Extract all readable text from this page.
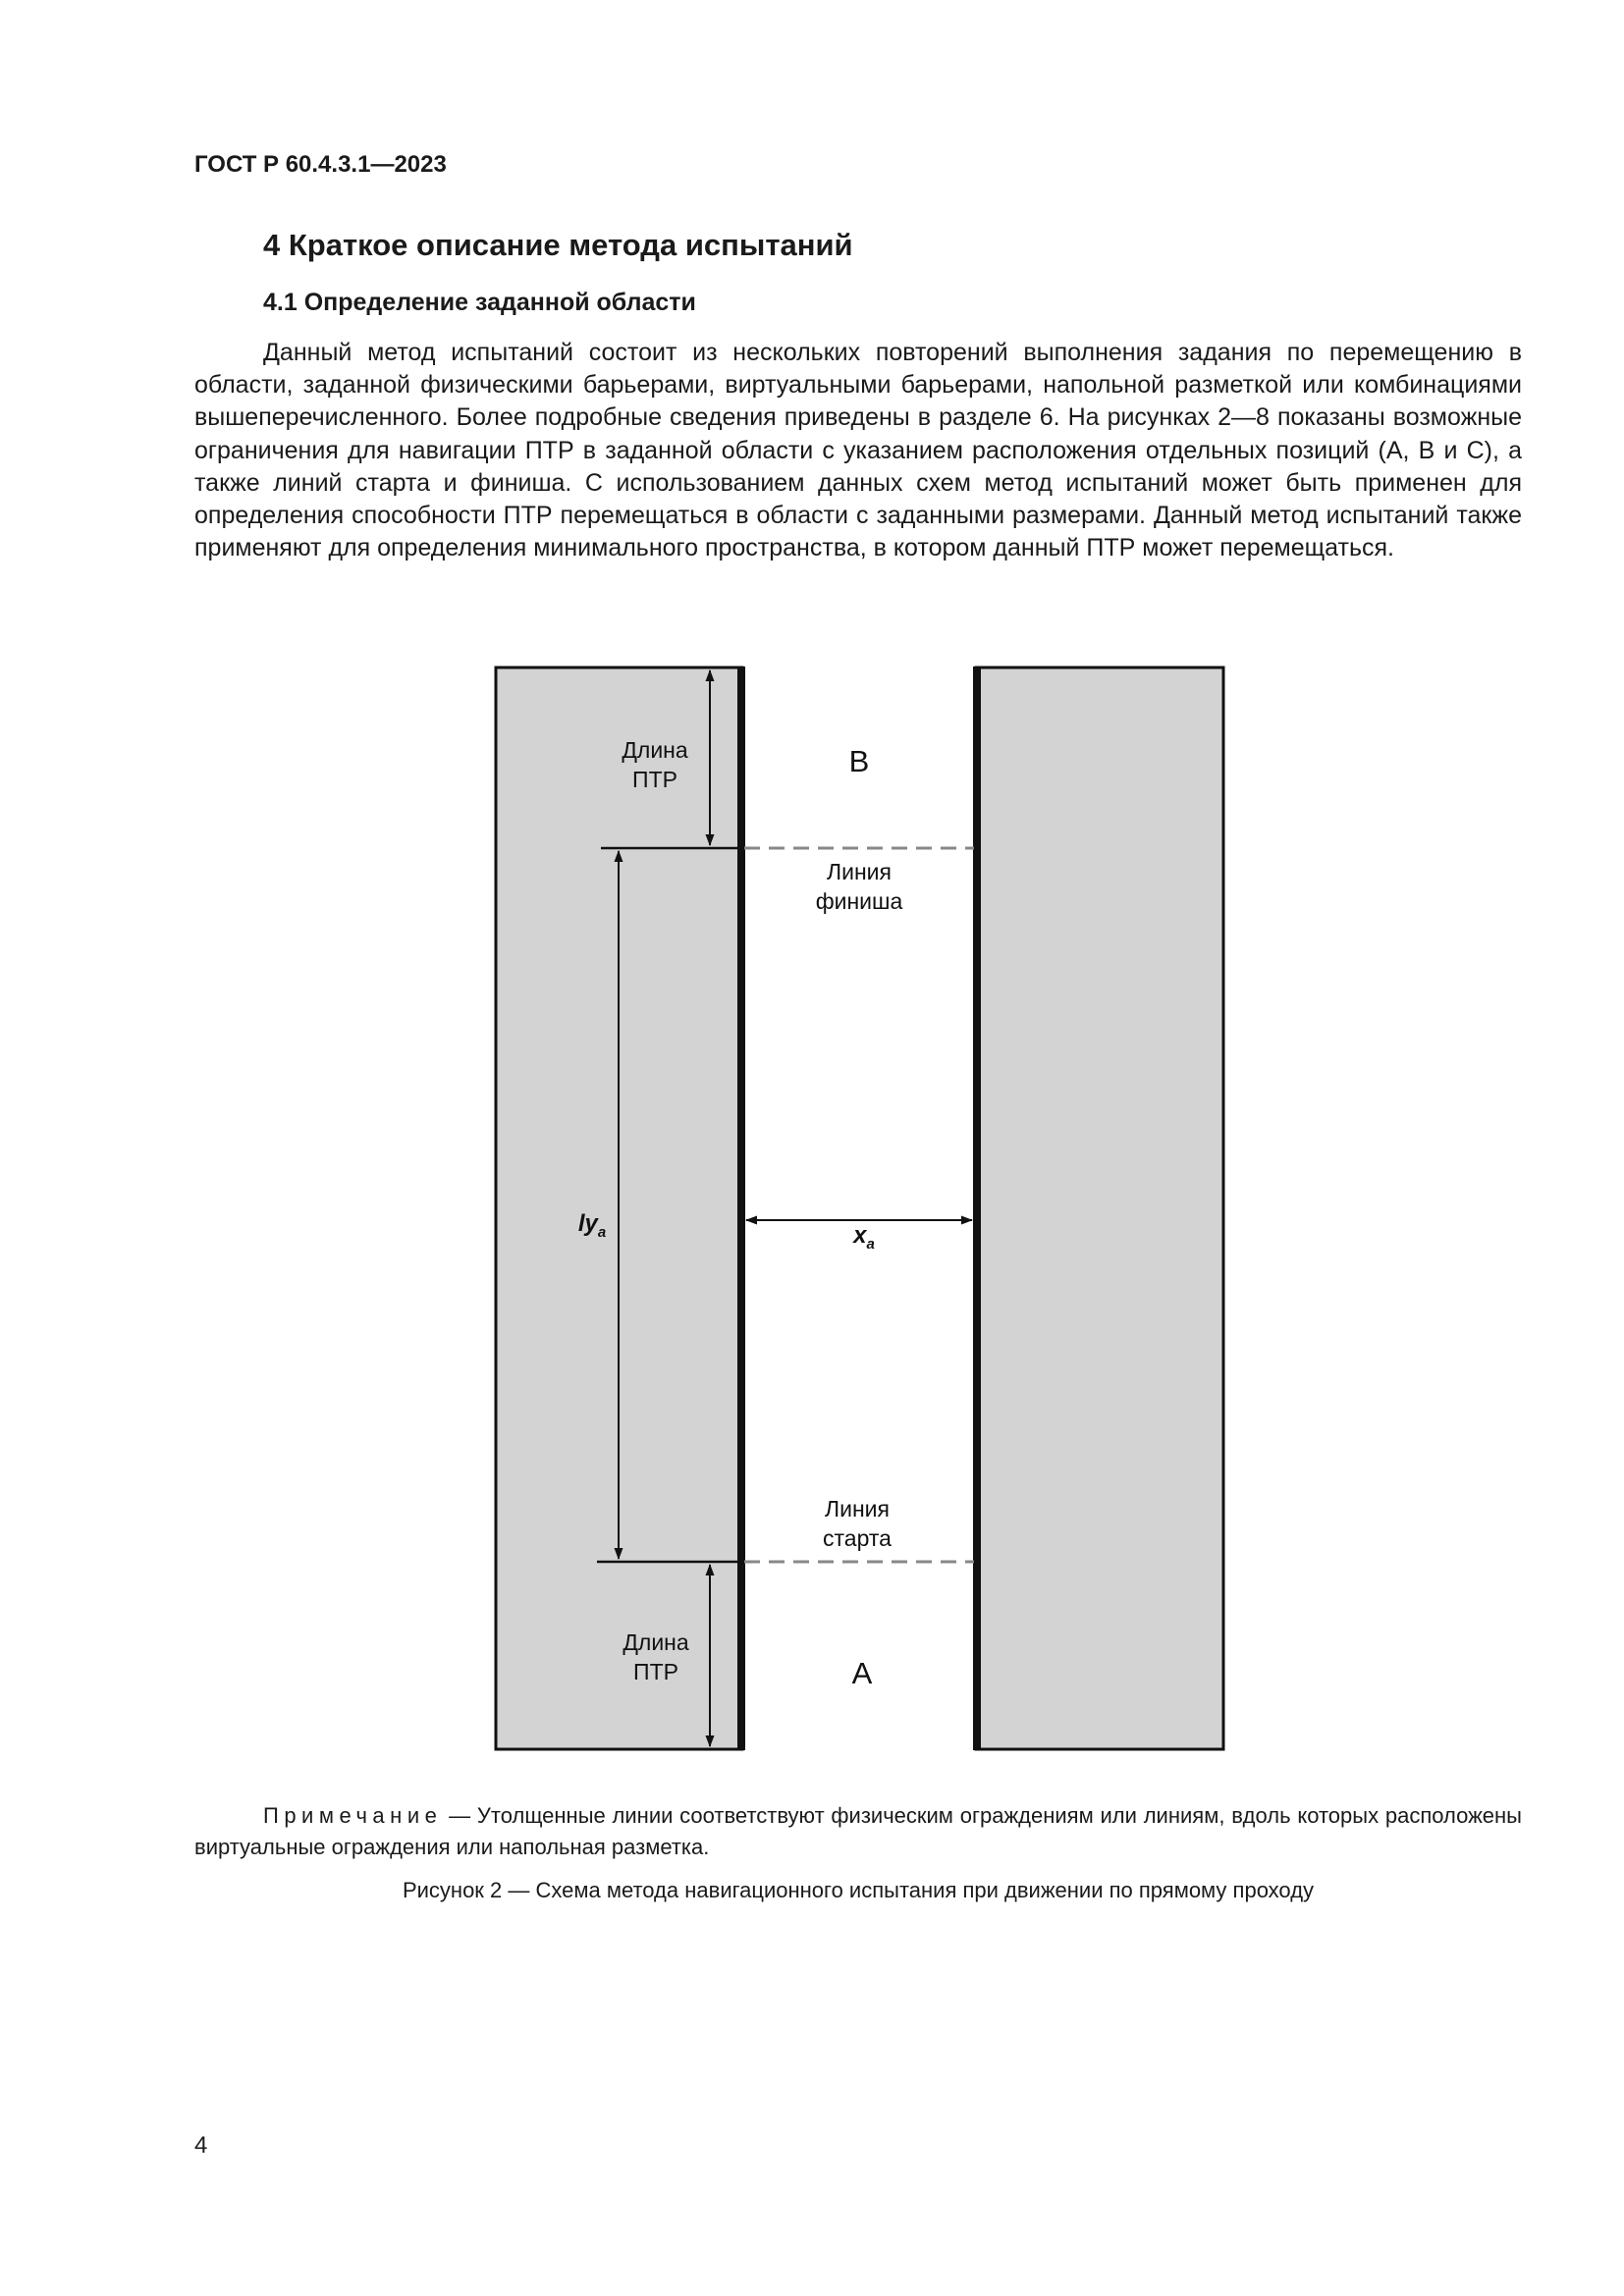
ГОСТ Р 60.4.3.1—2023
4 Краткое описание метода испытаний
4.1 Определение заданной области

Данный метод испытаний состоит из нескольких повторений выполнения задания по перемещению в области, заданной физическими барьерами, виртуальными барьерами, напольной разметкой или комбинациями вышеперечисленного. Более подробные сведения приведены в разделе 6. На рисунках 2—8 показаны возможные ограничения для навигации ПТР в заданной области с указанием расположения отдельных позиций (А, В и С), а также линий старта и финиша. С использованием данных схем метод испытаний может быть применен для определения способности ПТР перемещаться в области с заданными размерами. Данный метод испытаний также применяют для определения минимального пространства, в котором данный ПТР может перемещаться.

Длина
ПТР
B
Линия
финиша
$ly_a$	$x_a$
Линия
старта
Длина
ПТР	A

Примечание — Утолщенные линии соответствуют физическим ограждениям или линиям, вдоль которых расположены виртуальные ограждения или напольная разметка.

Рисунок 2 — Схема метода навигационного испытания при движении по прямому проходу
4
